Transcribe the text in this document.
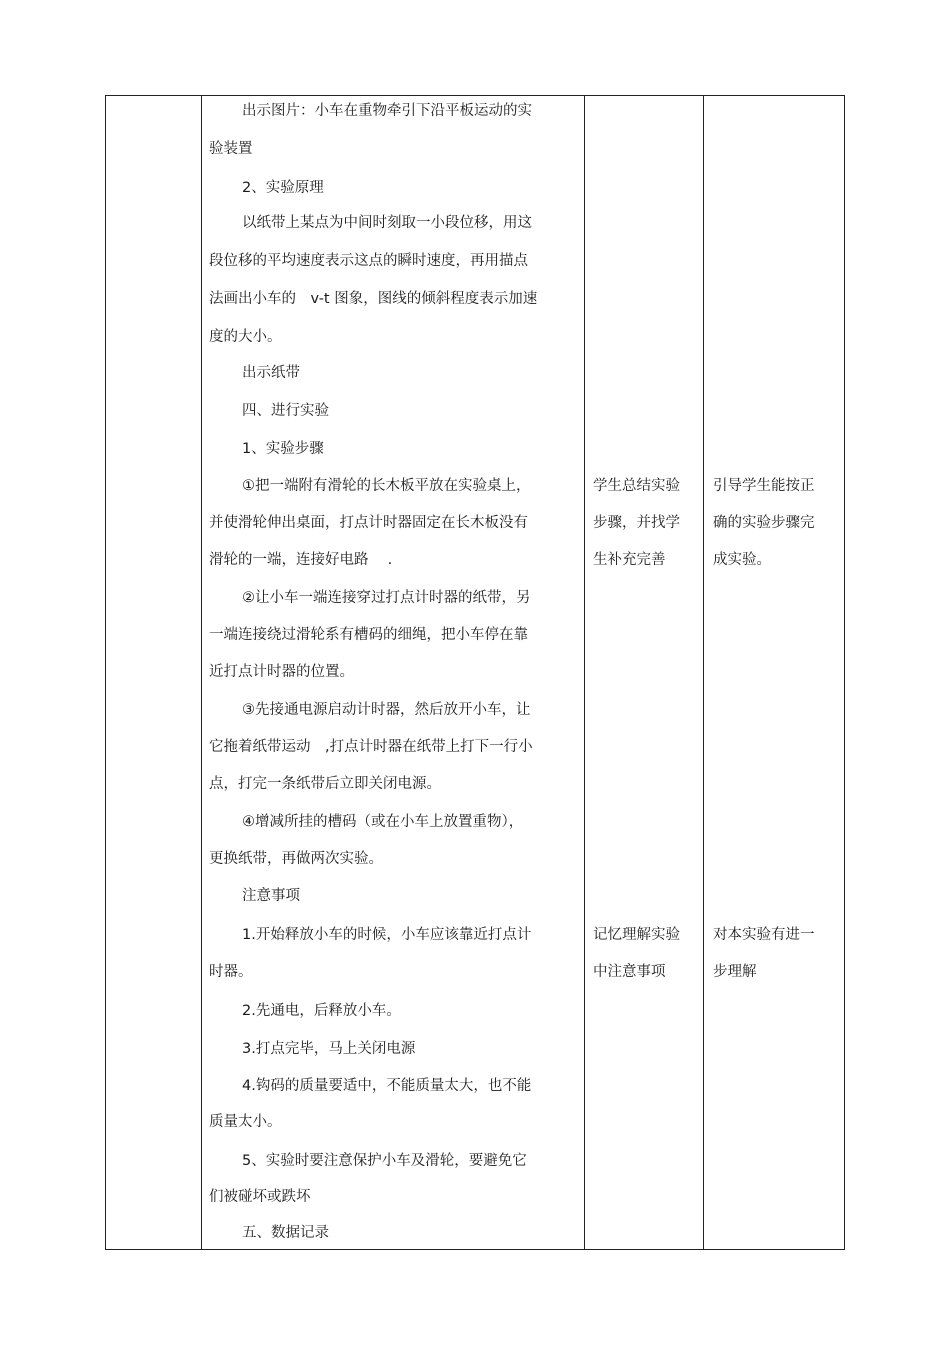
出示图片：小车在重物牵引下沿平板运动的实
验装置
2、实验原理
以纸带上某点为中间时刻取一小段位移，用这
段位移的平均速度表示这点的瞬时速度，再用描点
法画出小车的　v-t 图象，图线的倾斜程度表示加速
度的大小。
出示纸带
四、进行实验
1、实验步骤
①把一端附有滑轮的长木板平放在实验桌上，
并使滑轮伸出桌面，打点计时器固定在长木板没有
滑轮的一端，连接好电路　 .
②让小车一端连接穿过打点计时器的纸带，另
一端连接绕过滑轮系有槽码的细绳，把小车停在靠
近打点计时器的位置。
③先接通电源启动计时器，然后放开小车，让
它拖着纸带运动　,打点计时器在纸带上打下一行小
点，打完一条纸带后立即关闭电源。
④增减所挂的槽码（或在小车上放置重物），
更换纸带，再做两次实验。
注意事项
1.开始释放小车的时候，小车应该靠近打点计
时器。
2.先通电，后释放小车。
3.打点完毕，马上关闭电源
4.钩码的质量要适中，不能质量太大，也不能
质量太小。
5、实验时要注意保护小车及滑轮，要避免它
们被碰坏或跌坏
五、数据记录
学生总结实验
步骤，并找学
生补充完善
记忆理解实验
中注意事项
引导学生能按正
确的实验步骤完
成实验。
对本实验有进一
步理解
